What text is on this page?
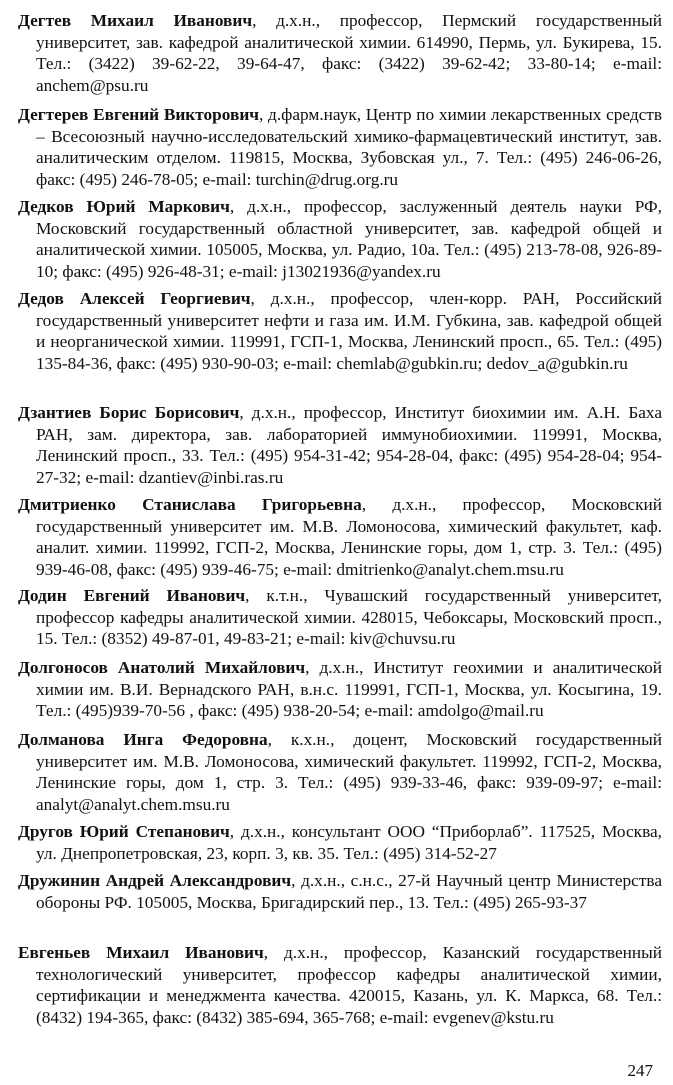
Дегтев Михаил Иванович, д.х.н., профессор, Пермский государственный университет, зав. кафедрой аналитической химии. 614990, Пермь, ул. Букирева, 15. Тел.: (3422) 39-62-22, 39-64-47, факс: (3422) 39-62-42; 33-80-14; e-mail: anchem@psu.ru

Дегтерев Евгений Викторович, д.фарм.наук, Центр по химии лекарственных средств – Всесоюзный научно-исследовательский химико-фармацевтический институт, зав. аналитическим отделом. 119815, Москва, Зубовская ул., 7. Тел.: (495) 246-06-26, факс: (495) 246-78-05; e-mail: turchin@drug.org.ru

Дедков Юрий Маркович, д.х.н., профессор, заслуженный деятель науки РФ, Московский государственный областной университет, зав. кафедрой общей и аналитической химии. 105005, Москва, ул. Радио, 10а. Тел.: (495) 213-78-08, 926-89-10; факс: (495) 926-48-31; e-mail: j13021936@yandex.ru

Дедов Алексей Георгиевич, д.х.н., профессор, член-корр. РАН, Российский государственный университет нефти и газа им. И.М. Губкина, зав. кафедрой общей и неорганической химии. 119991, ГСП-1, Москва, Ленинский просп., 65. Тел.: (495) 135-84-36, факс: (495) 930-90-03; e-mail: chemlab@gubkin.ru; dedov_a@gubkin.ru

Дзантиев Борис Борисович, д.х.н., профессор, Институт биохимии им. А.Н. Баха РАН, зам. директора, зав. лабораторией иммунобиохимии. 119991, Москва, Ленинский просп., 33. Тел.: (495) 954-31-42; 954-28-04, факс: (495) 954-28-04; 954-27-32; e-mail: dzantiev@inbi.ras.ru

Дмитриенко Станислава Григорьевна, д.х.н., профессор, Московский государственный университет им. М.В. Ломоносова, химический факультет, каф. аналит. химии. 119992, ГСП-2, Москва, Ленинские горы, дом 1, стр. 3. Тел.: (495) 939-46-08, факс: (495) 939-46-75; e-mail: dmitrienko@analyt.chem.msu.ru

Додин Евгений Иванович, к.т.н., Чувашский государственный университет, профессор кафедры аналитической химии. 428015, Чебоксары, Московский просп., 15. Тел.: (8352) 49-87-01, 49-83-21; e-mail: kiv@chuvsu.ru

Долгоносов Анатолий Михайлович, д.х.н., Институт геохимии и аналитической химии им. В.И. Вернадского РАН, в.н.с. 119991, ГСП-1, Москва, ул. Косыгина, 19. Тел.: (495)939-70-56 , факс: (495) 938-20-54; e-mail: amdolgo@mail.ru

Долманова Инга Федоровна, к.х.н., доцент, Московский государственный университет им. М.В. Ломоносова, химический факультет. 119992, ГСП-2, Москва, Ленинские горы, дом 1, стр. 3. Тел.: (495) 939-33-46, факс: 939-09-97; e-mail: analyt@analyt.chem.msu.ru

Другов Юрий Степанович, д.х.н., консультант ООО “Приборлаб”. 117525, Москва, ул. Днепропетровская, 23, корп. 3, кв. 35. Тел.: (495) 314-52-27

Дружинин Андрей Александрович, д.х.н., с.н.с., 27-й Научный центр Министерства обороны РФ. 105005, Москва, Бригадирский пер., 13. Тел.: (495) 265-93-37

Евгеньев Михаил Иванович, д.х.н., профессор, Казанский государственный технологический университет, профессор кафедры аналитической химии, сертификации и менеджмента качества. 420015, Казань, ул. К. Маркса, 68. Тел.: (8432) 194-365, факс: (8432) 385-694, 365-768; e-mail: evgenev@kstu.ru

247
